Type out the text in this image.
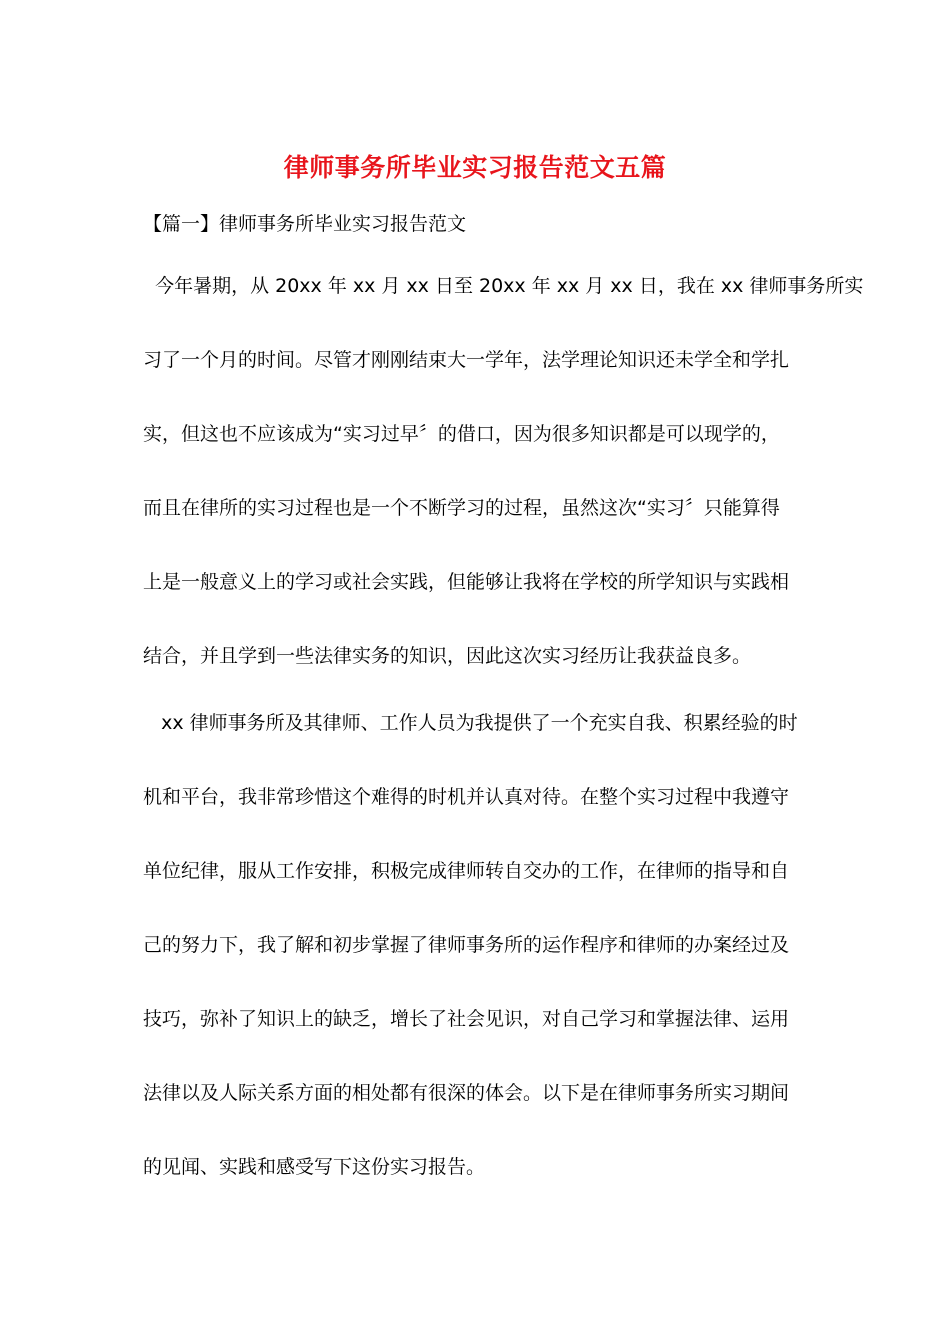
律师事务所毕业实习报告范文五篇
【篇一】律师事务所毕业实习报告范文
今年暑期，从 20xx 年 xx 月 xx 日至 20xx 年 xx 月 xx 日，我在 xx 律师事务所实
习了一个月的时间。尽管才刚刚结束大一学年，法学理论知识还未学全和学扎
实，但这也不应该成为“实习过早〞的借口，因为很多知识都是可以现学的，
而且在律所的实习过程也是一个不断学习的过程，虽然这次“实习〞只能算得
上是一般意义上的学习或社会实践，但能够让我将在学校的所学知识与实践相
结合，并且学到一些法律实务的知识，因此这次实习经历让我获益良多。
xx 律师事务所及其律师、工作人员为我提供了一个充实自我、积累经验的时
机和平台，我非常珍惜这个难得的时机并认真对待。在整个实习过程中我遵守
单位纪律，服从工作安排，积极完成律师转自交办的工作，在律师的指导和自
己的努力下，我了解和初步掌握了律师事务所的运作程序和律师的办案经过及
技巧，弥补了知识上的缺乏，增长了社会见识，对自己学习和掌握法律、运用
法律以及人际关系方面的相处都有很深的体会。以下是在律师事务所实习期间
的见闻、实践和感受写下这份实习报告。
